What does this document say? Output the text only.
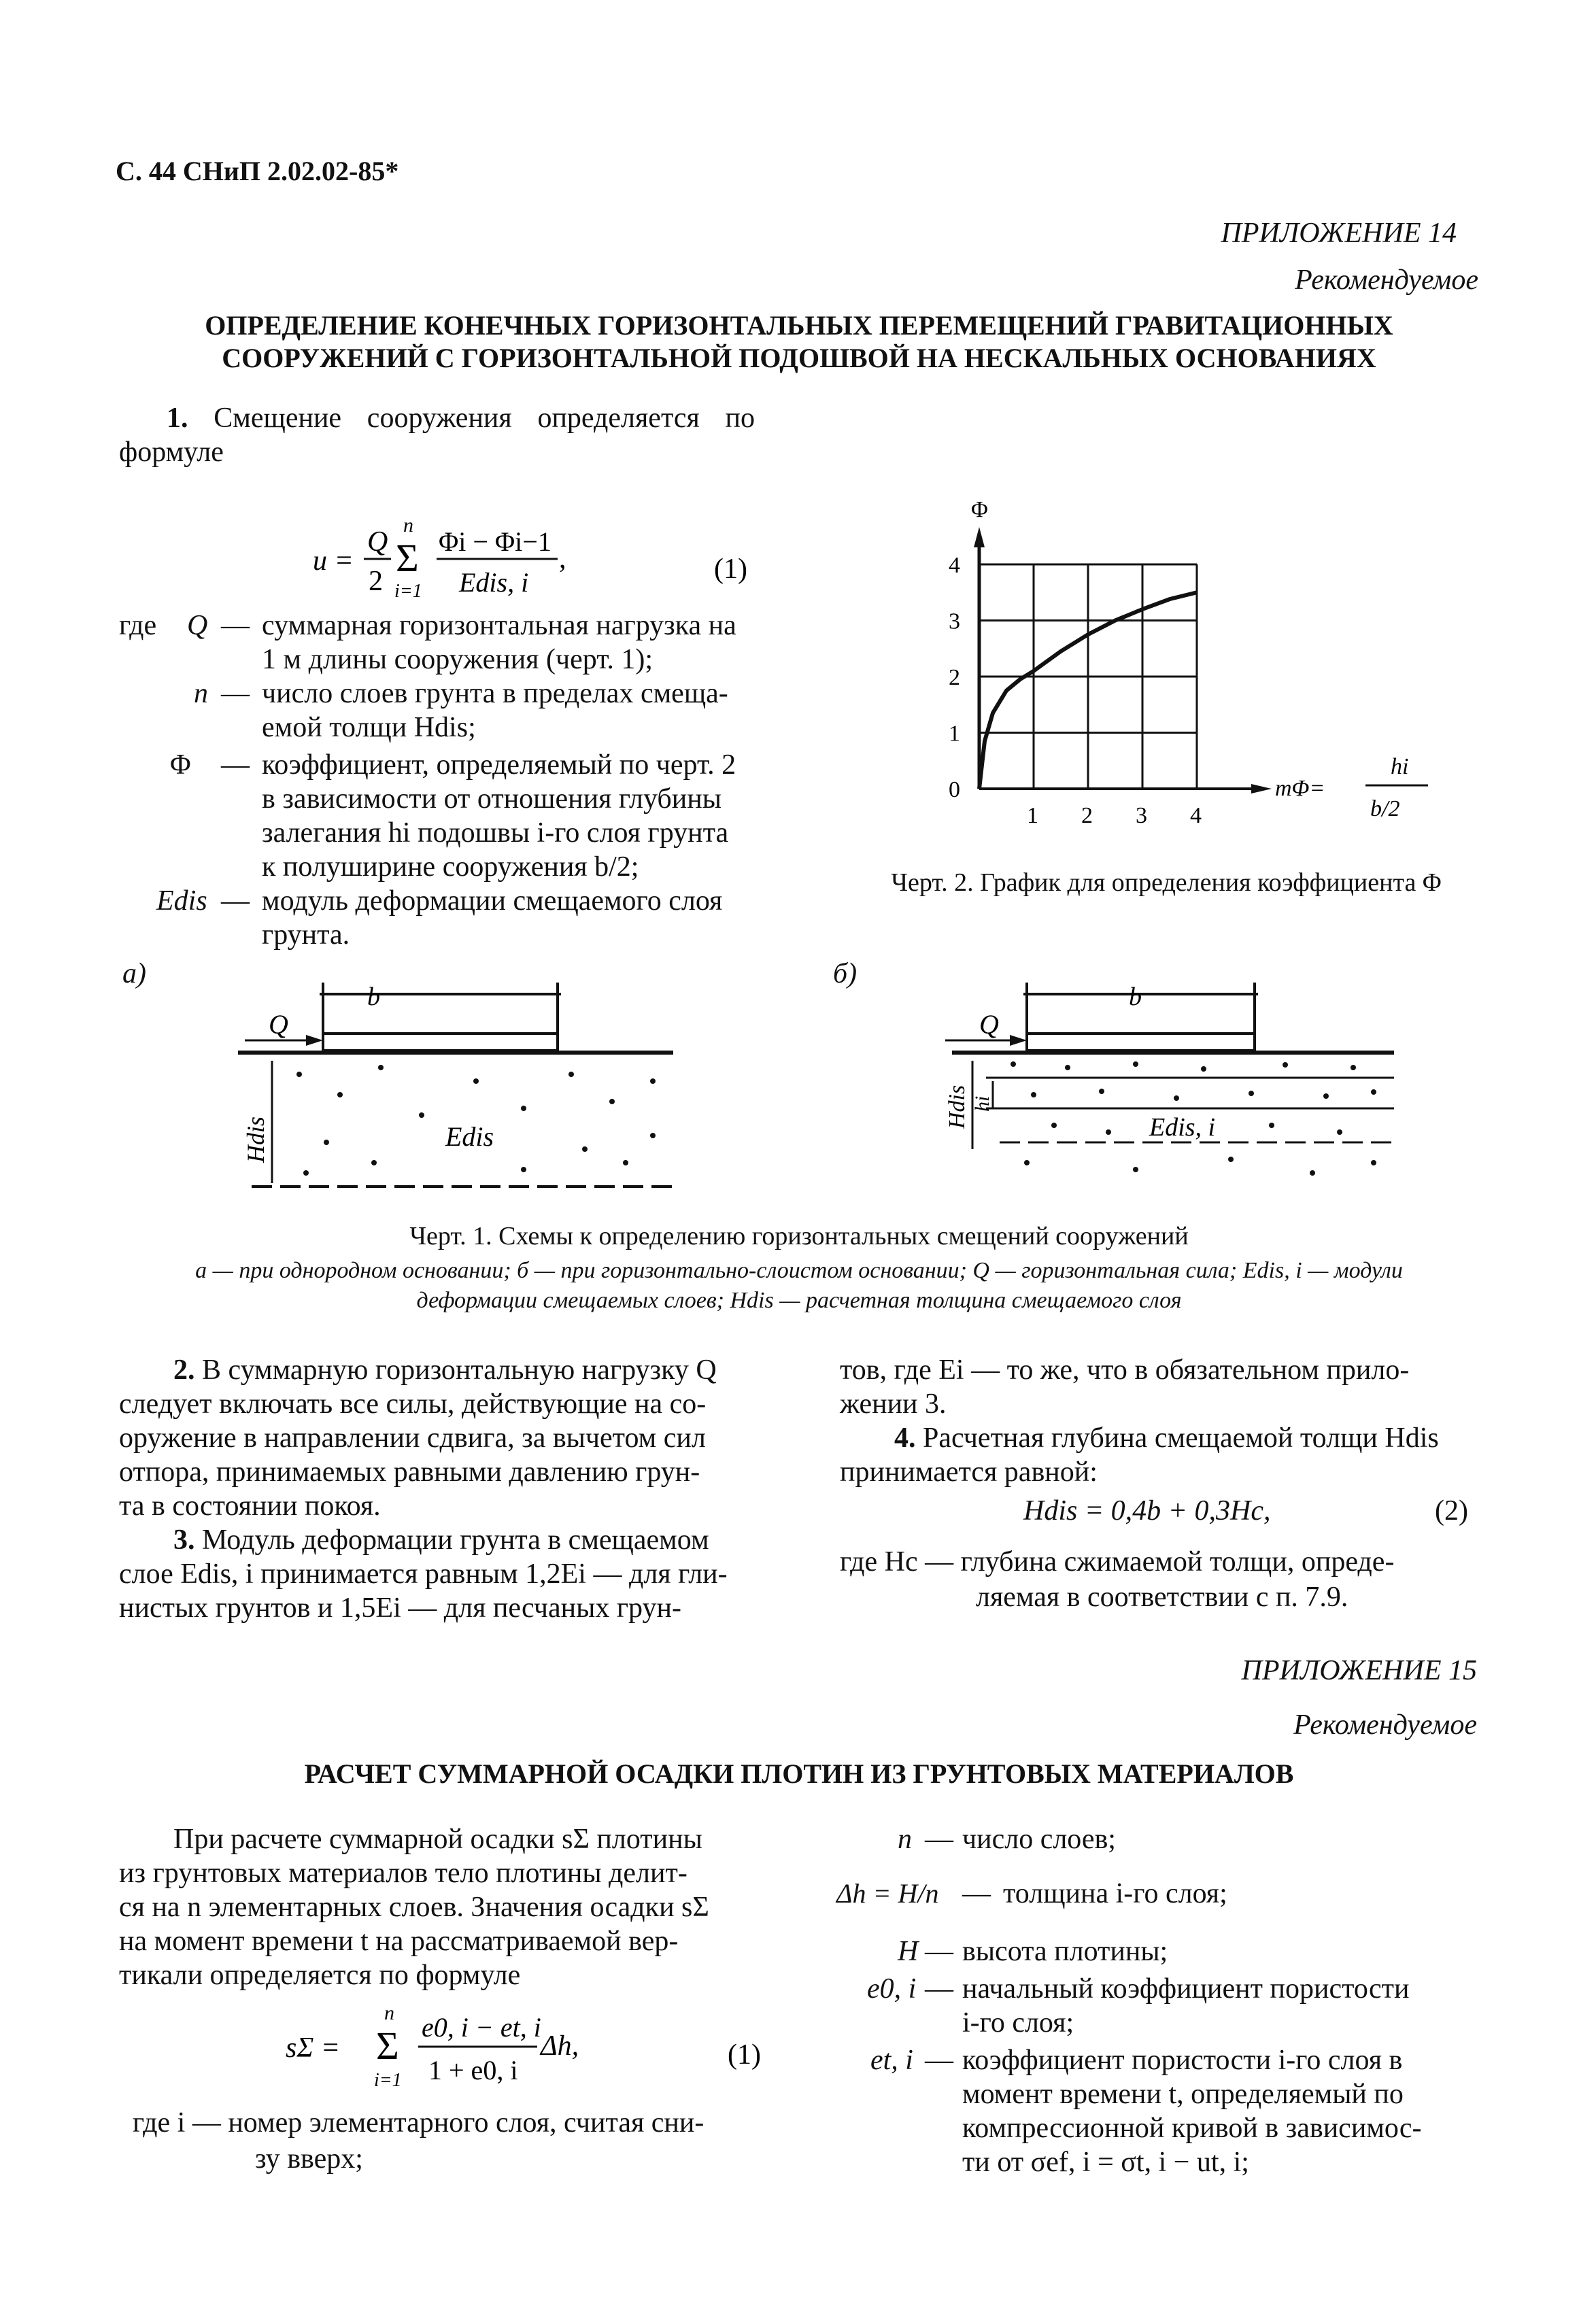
С. 44 СНиП 2.02.02-85*
ПРИЛОЖЕНИЕ 14
Рекомендуемое
ОПРЕДЕЛЕНИЕ КОНЕЧНЫХ ГОРИЗОНТАЛЬНЫХ ПЕРЕМЕЩЕНИЙ ГРАВИТАЦИОННЫХ
СООРУЖЕНИЙ С ГОРИЗОНТАЛЬНОЙ ПОДОШВОЙ НА НЕСКАЛЬНЫХ ОСНОВАНИЯХ
1. Смещение сооружения определяется по формуле
u =
Q
2
n
Σ
i=1
Φi − Φi−1
Edis, i
,	(1)
где Q — суммарная горизонтальная нагрузка на
1 м длины сооружения (черт. 1);
n — число слоев грунта в пределах смеща-
емой толщи Hdis;
Φ — коэффициент, определяемый по черт. 2
в зависимости от отношения глубины
залегания hi подошвы i-го слоя грунта
к полуширине сооружения b/2;
Edis — модуль деформации смещаемого слоя
грунта.
1 2 3 4
0
1
2
3
4
Φ
mΦ=
hi
b/2
Черт. 2. График для определения коэффициента Φ
а)	б)
b
Q
Edis
Hdis
b
Q
Edis, i
Hdis hi
Черт. 1. Схемы к определению горизонтальных смещений сооружений
а — при однородном основании; б — при горизонтально-слоистом основании; Q — горизонтальная сила; Edis, i — модули
деформации смещаемых слоев; Hdis — расчетная толщина смещаемого слоя
2. В суммарную горизонтальную нагрузку Q
следует включать все силы, действующие на со-
оружение в направлении сдвига, за вычетом сил
отпора, принимаемых равными давлению грун-
та в состоянии покоя.
3. Модуль деформации грунта в смещаемом
слое Edis, i принимается равным 1,2Ei — для гли-
нистых грунтов и 1,5Ei — для песчаных грун-
тов, где Ei — то же, что в обязательном прило-
жении 3.
4. Расчетная глубина смещаемой толщи Hdis
принимается равной:
Hdis = 0,4b + 0,3Hc,	(2)
где Hc — глубина сжимаемой толщи, опреде-
ляемая в соответствии с п. 7.9.
ПРИЛОЖЕНИЕ 15
Рекомендуемое
РАСЧЕТ СУММАРНОЙ ОСАДКИ ПЛОТИН ИЗ ГРУНТОВЫХ МАТЕРИАЛОВ
При расчете суммарной осадки sΣ плотины
из грунтовых материалов тело плотины делит-
ся на n элементарных слоев. Значения осадки sΣ
на момент времени t на рассматриваемой вер-
тикали определяется по формуле
sΣ =
n
Σ
i=1
e0, i − et, i
1 + e0, i
Δh,	(1)
где i — номер элементарного слоя, считая сни-
зу вверх;
n — число слоев;
Δh = H/n — толщина i-го слоя;
H — высота плотины;
e0, i — начальный коэффициент пористости
i-го слоя;
et, i — коэффициент пористости i-го слоя в
момент времени t, определяемый по
компрессионной кривой в зависимос-
ти от σef, i = σt, i − ut, i;
